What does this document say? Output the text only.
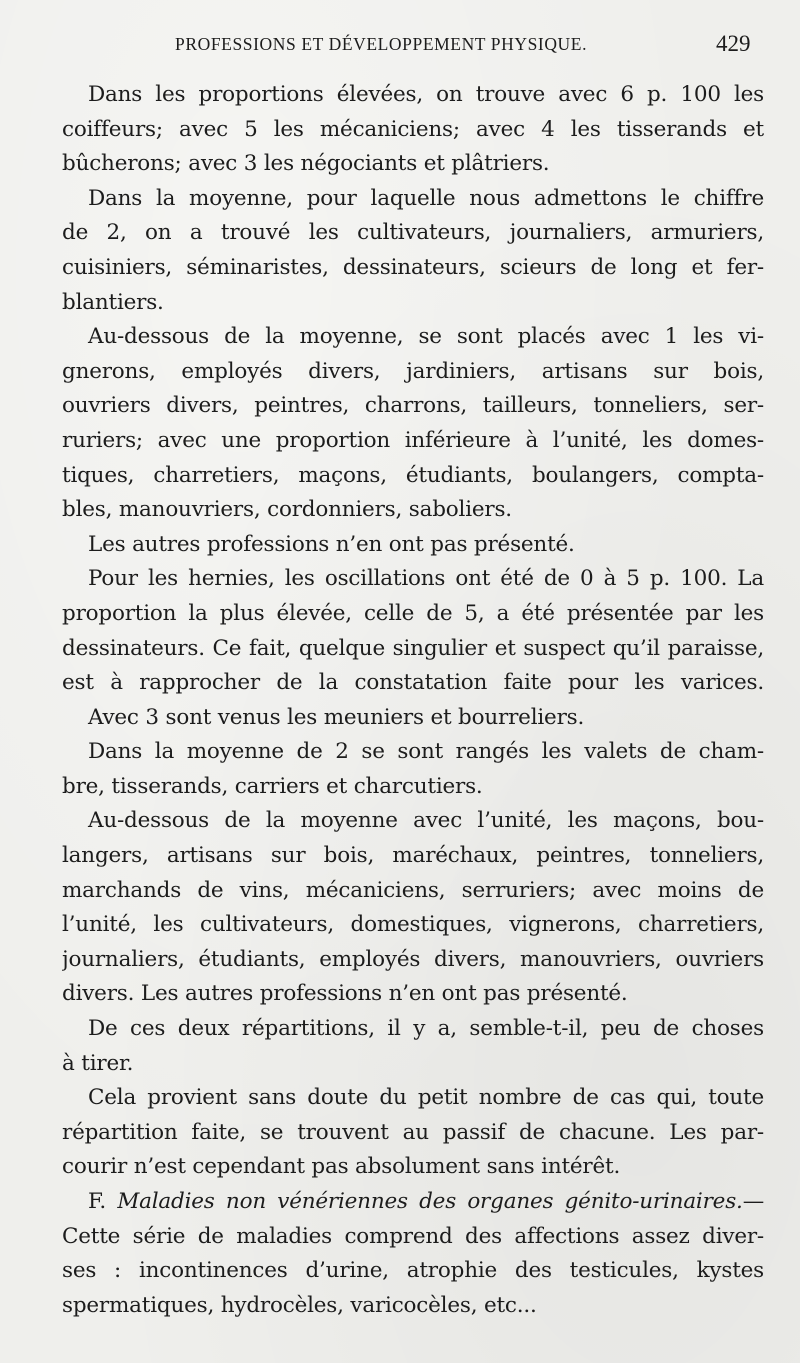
PROFESSIONS ET DÉVELOPPEMENT PHYSIQUE.	429
Dans les proportions élevées, on trouve avec 6 p. 100 les
coiffeurs; avec 5 les mécaniciens; avec 4 les tisserands et
bûcherons; avec 3 les négociants et plâtriers.
Dans la moyenne, pour laquelle nous admettons le chiffre
de 2, on a trouvé les cultivateurs, journaliers, armuriers,
cuisiniers, séminaristes, dessinateurs, scieurs de long et fer-
blantiers.
Au-dessous de la moyenne, se sont placés avec 1 les vi-
gnerons, employés divers, jardiniers, artisans sur bois,
ouvriers divers, peintres, charrons, tailleurs, tonneliers, ser-
ruriers; avec une proportion inférieure à l’unité, les domes-
tiques, charretiers, maçons, étudiants, boulangers, compta-
bles, manouvriers, cordonniers, saboliers.
Les autres professions n’en ont pas présenté.
Pour les hernies, les oscillations ont été de 0 à 5 p. 100. La
proportion la plus élevée, celle de 5, a été présentée par les
dessinateurs. Ce fait, quelque singulier et suspect qu’il paraisse,
est à rapprocher de la constatation faite pour les varices.
Avec 3 sont venus les meuniers et bourreliers.
Dans la moyenne de 2 se sont rangés les valets de cham-
bre, tisserands, carriers et charcutiers.
Au-dessous de la moyenne avec l’unité, les maçons, bou-
langers, artisans sur bois, maréchaux, peintres, tonneliers,
marchands de vins, mécaniciens, serruriers; avec moins de
l’unité, les cultivateurs, domestiques, vignerons, charretiers,
journaliers, étudiants, employés divers, manouvriers, ouvriers
divers. Les autres professions n’en ont pas présenté.
De ces deux répartitions, il y a, semble-t-il, peu de choses
à tirer.
Cela provient sans doute du petit nombre de cas qui, toute
répartition faite, se trouvent au passif de chacune. Les par-
courir n’est cependant pas absolument sans intérêt.
F. Maladies non vénériennes des organes génito-urinaires.—
Cette série de maladies comprend des affections assez diver-
ses : incontinences d’urine, atrophie des testicules, kystes
spermatiques, hydrocèles, varicocèles, etc...
